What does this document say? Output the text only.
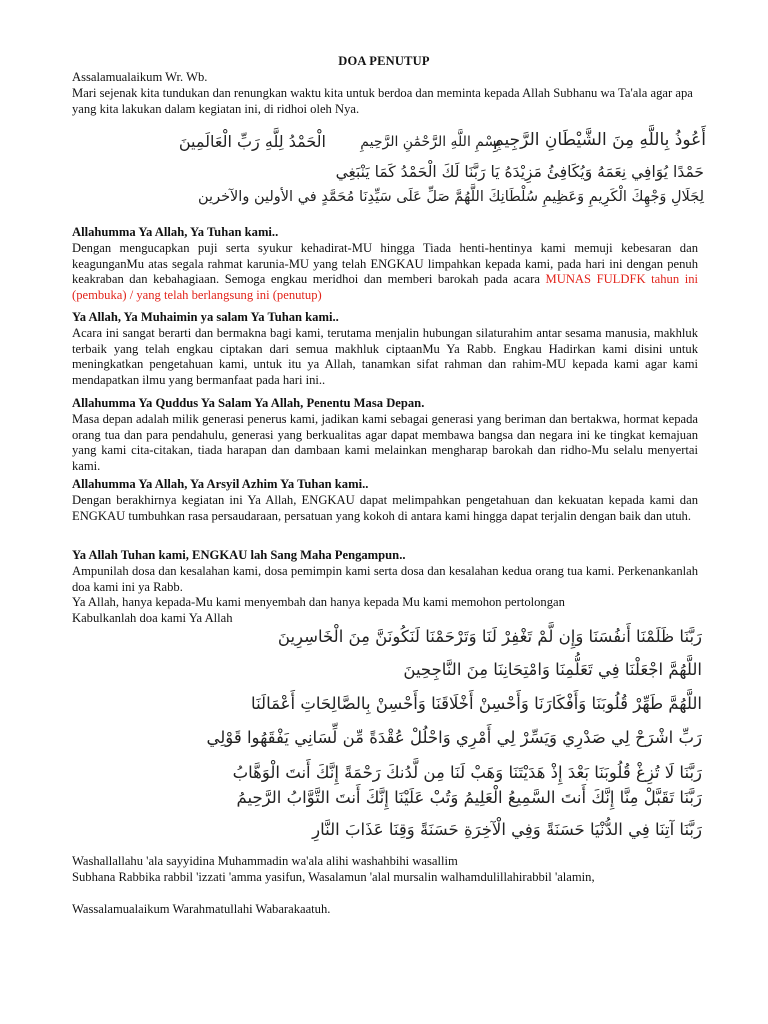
DOA PENUTUP
Assalamualaikum Wr. Wb.
Mari sejenak kita tundukan dan renungkan waktu kita untuk berdoa dan meminta kepada Allah Subhanu wa Ta'ala agar apa yang kita lakukan dalam kegiatan ini, di ridhoi oleh Nya.
أَعُوذُ بِاللَّهِ مِنَ الشَّيْطَانِ الرَّجِيمِ
بِسْمِ اللَّهِ الرَّحْمَٰنِ الرَّحِيمِ
الْحَمْدُ لِلَّهِ رَبِّ الْعَالَمِينَ
حَمْدًا يُوَافِي نِعَمَهُ وَيُكَافِئُ مَزِيْدَهُ يَا رَبَّنَا لَكَ الْحَمْدُ كَمَا يَنْبَغِي
لِجَلَالِ وَجْهِكَ الْكَرِيمِ وَعَظِيمِ سُلْطَانِكَ اللَّهُمَّ صَلِّ عَلَى سَيِّدِنَا مُحَمَّدٍ في الأولين والآخرين
Allahumma Ya Allah, Ya Tuhan kami..
Dengan mengucapkan puji serta syukur kehadirat-MU hingga Tiada henti-hentinya kami memuji kebesaran dan keagunganMu atas segala rahmat karunia-MU yang telah ENGKAU limpahkan kepada kami, pada hari ini dengan penuh keakraban dan kebahagiaan. Semoga engkau meridhoi dan memberi barokah pada acara MUNAS FULDFK tahun ini (pembuka) / yang telah berlangsung ini (penutup)
Ya Allah, Ya Muhaimin ya salam Ya Tuhan kami..
Acara ini sangat berarti dan bermakna bagi kami, terutama menjalin hubungan silaturahim antar sesama manusia, makhluk terbaik yang telah engkau ciptakan dari semua makhluk ciptaanMu Ya Rabb. Engkau Hadirkan kami disini untuk meningkatkan pengetahuan kami, untuk itu ya Allah, tanamkan sifat rahman dan rahim-MU kepada kami agar kami mendapatkan ilmu yang bermanfaat pada hari ini..
Allahumma Ya Quddus Ya Salam Ya Allah, Penentu Masa Depan.
Masa depan adalah milik generasi penerus kami, jadikan kami sebagai generasi yang beriman dan bertakwa, hormat kepada orang tua dan para pendahulu, generasi yang berkualitas agar dapat membawa bangsa dan negara ini ke tingkat kemajuan yang kami cita-citakan, tiada harapan dan dambaan kami melainkan mengharap barokah dan ridho-Mu selalu menyertai kami.
Allahumma Ya Allah, Ya Arsyil Azhim Ya Tuhan kami..
Dengan berakhirnya kegiatan ini Ya Allah, ENGKAU dapat melimpahkan pengetahuan dan kekuatan kepada kami dan ENGKAU tumbuhkan rasa persaudaraan, persatuan yang kokoh di antara kami hingga dapat terjalin dengan baik dan utuh.
Ya Allah Tuhan kami, ENGKAU lah Sang Maha Pengampun..
Ampunilah dosa dan kesalahan kami, dosa pemimpin kami serta dosa dan kesalahan kedua orang tua kami. Perkenankanlah doa kami ini ya Rabb.
Ya Allah, hanya kepada-Mu kami menyembah dan hanya kepada Mu kami memohon pertolongan
Kabulkanlah doa kami Ya Allah
رَبَّنَا ظَلَمْنَا أَنفُسَنَا وَإِن لَّمْ تَغْفِرْ لَنَا وَتَرْحَمْنَا لَنَكُونَنَّ مِنَ الْخَاسِرِينَ
اللَّهُمَّ اجْعَلْنَا فِي تَعَلُّمِنَا وَامْتِحَانِنَا مِنَ النَّاجِحِينَ
اللَّهُمَّ طَهِّرْ قُلُوبَنَا وَأَفْكَارَنَا وَأَحْسِنْ أَخْلَاقَنَا وَأَحْسِنْ بِالصَّالِحَاتِ أَعْمَالَنَا
رَبِّ اشْرَحْ لِي صَدْرِي وَيَسِّرْ لِي أَمْرِي وَاحْلُلْ عُقْدَةً مِّن لِّسَانِي يَفْقَهُوا قَوْلِي
رَبَّنَا لَا تُزِغْ قُلُوبَنَا بَعْدَ إِذْ هَدَيْتَنَا وَهَبْ لَنَا مِن لَّدُنكَ رَحْمَةً إِنَّكَ أَنتَ الْوَهَّابُ
رَبَّنَا تَقَبَّلْ مِنَّا إِنَّكَ أَنتَ السَّمِيعُ الْعَلِيمُ وَتُبْ عَلَيْنَا إِنَّكَ أَنتَ التَّوَّابُ الرَّحِيمُ
رَبَّنَا آتِنَا فِي الدُّنْيَا حَسَنَةً وَفِي الْآخِرَةِ حَسَنَةً وَقِنَا عَذَابَ النَّارِ
Washallallahu 'ala sayyidina Muhammadin wa'ala alihi washahbihi wasallim
Subhana Rabbika rabbil 'izzati 'amma yasifun, Wasalamun 'alal mursalin walhamdulillahirabbil 'alamin,
Wassalamualaikum Warahmatullahi Wabarakaatuh.
